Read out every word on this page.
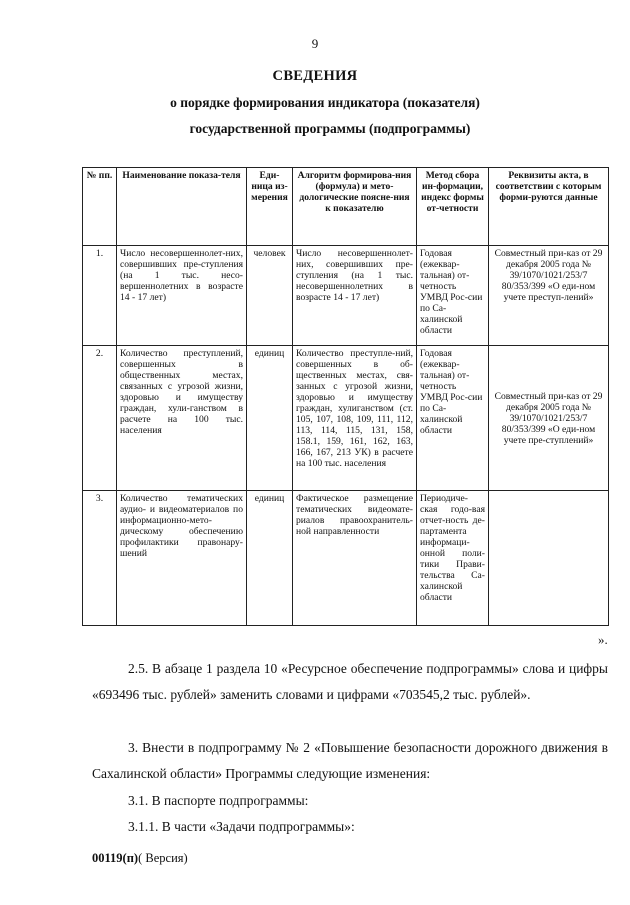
9
СВЕДЕНИЯ
о порядке формирования индикатора (показателя)
государственной программы (подпрограммы)
№ пп.	Наименование показа-теля	Еди-ница из-мерения	Алгоритм формирова-ния (формула) и мето-дологические поясне-ния к показателю	Метод сбора ин-формации, индекс формы от-четности	Реквизиты акта, в соответствии с которым форми-руются данные
1.	Число несовершеннолет-них, совершивших пре-ступления (на 1 тыс. несо-вершеннолетних в возрасте 14 - 17 лет)	человек	Число несовершеннолет-них, совершивших пре-ступления (на 1 тыс. несовершеннолетних в возрасте 14 - 17 лет)	Годовая (ежеквар-тальная) от-четность УМВД Рос-сии по Са-халинской области	Совместный при-каз от 29 декабря 2005 года № 39/1070/1021/253/7 80/353/399 «О еди-ном учете преступ-лений»
2.	Количество преступлений, совершенных в общественных местах, связанных с угрозой жизни, здоровью и имуществу граждан, хули-ганством в расчете на 100 тыс. населения	единиц	Количество преступле-ний, совершенных в об-щественных местах, свя-занных с угрозой жизни, здоровью и имуществу граждан, хулиганством (ст. 105, 107, 108, 109, 111, 112, 113, 114, 115, 131, 158, 158.1, 159, 161, 162, 163, 166, 167, 213 УК) в расчете на 100 тыс. населения	Годовая (ежеквар-тальная) от-четность УМВД Рос-сии по Са-халинской области	Совместный при-каз от 29 декабря 2005 года № 39/1070/1021/253/7 80/353/399 «О еди-ном учете пре-ступлений»
3.	Количество тематических аудио- и видеоматериалов по информационно-мето-дическому обеспечению профилактики правонару-шений	единиц	Фактическое размещение тематических видеомате-риалов правоохранитель-ной направленности	Периодиче-ская годо-вая отчет-ность де-партамента информаци-онной поли-тики Прави-тельства Са-халинской области	
».
2.5. В абзаце 1 раздела 10 «Ресурсное обеспечение подпрограммы» слова и цифры «693496 тыс. рублей» заменить словами и цифрами «703545,2 тыс. рублей».
3. Внести в подпрограмму № 2 «Повышение безопасности дорожного движения в Сахалинской области» Программы следующие изменения:
3.1. В паспорте подпрограммы:
3.1.1. В части «Задачи подпрограммы»:
00119(п)( Версия)
